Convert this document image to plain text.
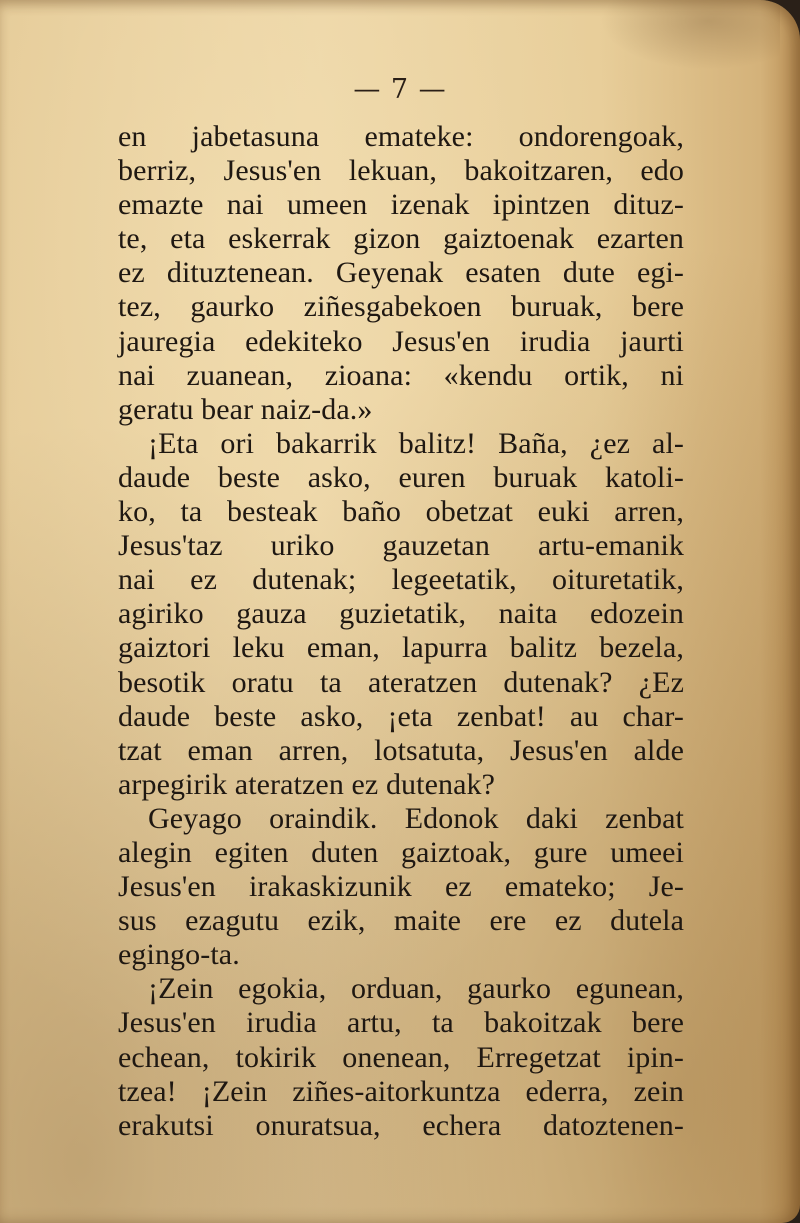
— 7 —
en jabetasuna emateke: ondorengoak,
berriz, Jesus'en lekuan, bakoitzaren, edo
emazte nai umeen izenak ipintzen dituz-
te, eta eskerrak gizon gaiztoenak ezarten
ez dituztenean. Geyenak esaten dute egi-
tez, gaurko ziñesgabekoen buruak, bere
jauregia edekiteko Jesus'en irudia jaurti
nai zuanean, zioana: «kendu ortik, ni
geratu bear naiz-da.»
¡Eta ori bakarrik balitz! Baña, ¿ez al-
daude beste asko, euren buruak katoli-
ko, ta besteak baño obetzat euki arren,
Jesus'taz uriko gauzetan artu-emanik
nai ez dutenak; legeetatik, oituretatik,
agiriko gauza guzietatik, naita edozein
gaiztori leku eman, lapurra balitz bezela,
besotik oratu ta ateratzen dutenak? ¿Ez
daude beste asko, ¡eta zenbat! au char-
tzat eman arren, lotsatuta, Jesus'en alde
arpegirik ateratzen ez dutenak?
Geyago oraindik. Edonok daki zenbat
alegin egiten duten gaiztoak, gure umeei
Jesus'en irakaskizunik ez emateko; Je-
sus ezagutu ezik, maite ere ez dutela
egingo-ta.
¡Zein egokia, orduan, gaurko egunean,
Jesus'en irudia artu, ta bakoitzak bere
echean, tokirik onenean, Erregetzat ipin-
tzea! ¡Zein ziñes-aitorkuntza ederra, zein
erakutsi onuratsua, echera datoztenen-
